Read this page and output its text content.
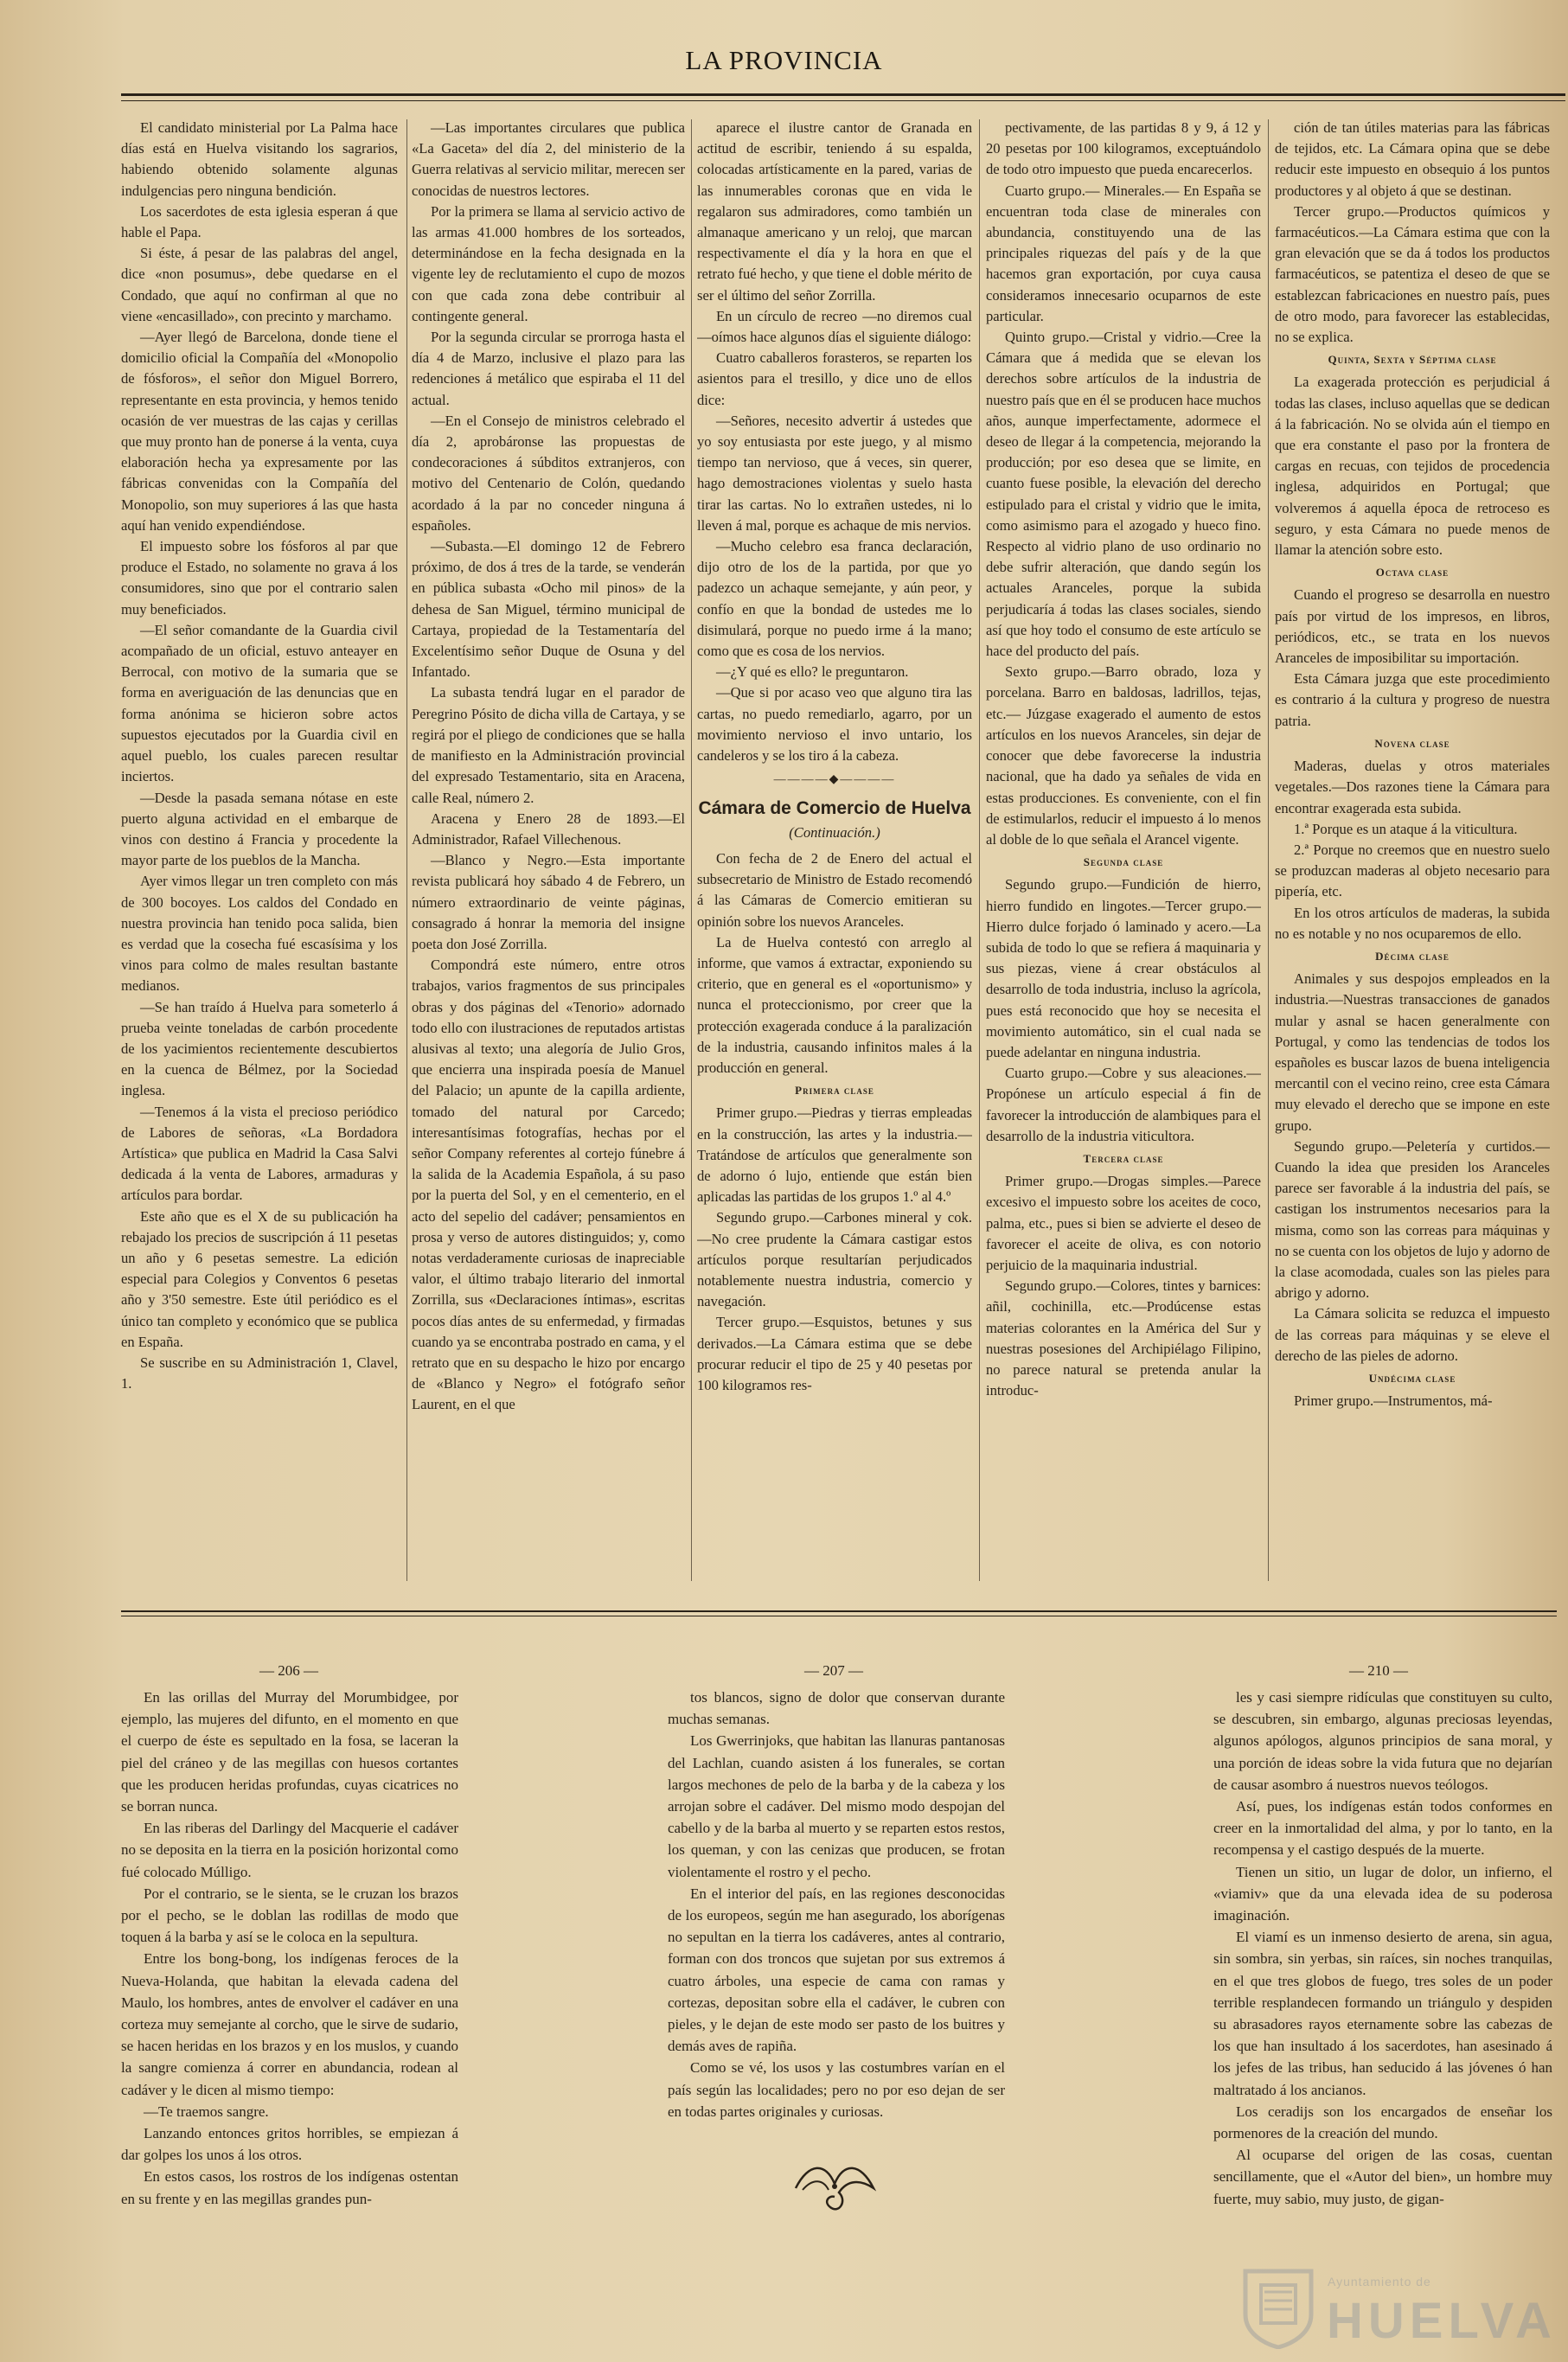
LA PROVINCIA

El candidato ministerial por La Palma hace días está en Huelva visitando los sagrarios, habiendo obtenido solamente algunas indulgencias pero ninguna bendición.

Los sacerdotes de esta iglesia esperan á que hable el Papa.

Si éste, á pesar de las palabras del angel, dice «non posumus», debe quedarse en el Condado, que aquí no confirman al que no viene «encasillado», con precinto y marchamo.

—Ayer llegó de Barcelona, donde tiene el domicilio oficial la Compañía del «Monopolio de fósforos», el señor don Miguel Borrero, representante en esta provincia, y hemos tenido ocasión de ver muestras de las cajas y cerillas que muy pronto han de ponerse á la venta, cuya elaboración hecha ya expresamente por las fábricas convenidas con la Compañía del Monopolio, son muy superiores á las que hasta aquí han venido expendiéndose.

El impuesto sobre los fósforos al par que produce el Estado, no solamente no grava á los consumidores, sino que por el contrario salen muy beneficiados.

—El señor comandante de la Guardia civil acompañado de un oficial, estuvo anteayer en Berrocal, con motivo de la sumaria que se forma en averiguación de las denuncias que en forma anónima se hicieron sobre actos supuestos ejecutados por la Guardia civil en aquel pueblo, los cuales parecen resultar inciertos.

—Desde la pasada semana nótase en este puerto alguna actividad en el embarque de vinos con destino á Francia y procedente la mayor parte de los pueblos de la Mancha.

Ayer vimos llegar un tren completo con más de 300 bocoyes. Los caldos del Condado en nuestra provincia han tenido poca salida, bien es verdad que la cosecha fué escasísima y los vinos para colmo de males resultan bastante medianos.

—Se han traído á Huelva para someterlo á prueba veinte toneladas de carbón procedente de los yacimientos recientemente descubiertos en la cuenca de Bélmez, por la Sociedad inglesa.

—Tenemos á la vista el precioso periódico de Labores de señoras, «La Bordadora Artística» que publica en Madrid la Casa Salvi dedicada á la venta de Labores, armaduras y artículos para bordar.

Este año que es el X de su publicación ha rebajado los precios de suscripción á 11 pesetas un año y 6 pesetas semestre. La edición especial para Colegios y Conventos 6 pesetas año y 3'50 semestre. Este útil periódico es el único tan completo y económico que se publica en España.

Se suscribe en su Administración 1, Clavel, 1.

—Las importantes circulares que publica «La Gaceta» del día 2, del ministerio de la Guerra relativas al servicio militar, merecen ser conocidas de nuestros lectores.

Por la primera se llama al servicio activo de las armas 41.000 hombres de los sorteados, determinándose en la fecha designada en la vigente ley de reclutamiento el cupo de mozos con que cada zona debe contribuir al contingente general.

Por la segunda circular se prorroga hasta el día 4 de Marzo, inclusive el plazo para las redenciones á metálico que espiraba el 11 del actual.

—En el Consejo de ministros celebrado el día 2, aprobáronse las propuestas de condecoraciones á súbditos extranjeros, con motivo del Centenario de Colón, quedando acordado á la par no conceder ninguna á españoles.

—Subasta.—El domingo 12 de Febrero próximo, de dos á tres de la tarde, se venderán en pública subasta «Ocho mil pinos» de la dehesa de San Miguel, término municipal de Cartaya, propiedad de la Testamentaría del Excelentísimo señor Duque de Osuna y del Infantado.

La subasta tendrá lugar en el parador de Peregrino Pósito de dicha villa de Cartaya, y se regirá por el pliego de condiciones que se halla de manifiesto en la Administración provincial del expresado Testamentario, sita en Aracena, calle Real, número 2.

Aracena y Enero 28 de 1893.—El Administrador, Rafael Villechenous.

—Blanco y Negro.—Esta importante revista publicará hoy sábado 4 de Febrero, un número extraordinario de veinte páginas, consagrado á honrar la memoria del insigne poeta don José Zorrilla.

Compondrá este número, entre otros trabajos, varios fragmentos de sus principales obras y dos páginas del «Tenorio» adornado todo ello con ilustraciones de reputados artistas alusivas al texto; una alegoría de Julio Gros, que encierra una inspirada poesía de Manuel del Palacio; un apunte de la capilla ardiente, tomado del natural por Carcedo; interesantísimas fotografías, hechas por el señor Company referentes al cortejo fúnebre á la salida de la Academia Española, á su paso por la puerta del Sol, y en el cementerio, en el acto del sepelio del cadáver; pensamientos en prosa y verso de autores distinguidos; y, como notas verdaderamente curiosas de inapreciable valor, el último trabajo literario del inmortal Zorrilla, sus «Declaraciones íntimas», escritas pocos días antes de su enfermedad, y firmadas cuando ya se encontraba postrado en cama, y el retrato que en su despacho le hizo por encargo de «Blanco y Negro» el fotógrafo señor Laurent, en el que

aparece el ilustre cantor de Granada en actitud de escribir, teniendo á su espalda, colocadas artísticamente en la pared, varias de las innumerables coronas que en vida le regalaron sus admiradores, como también un almanaque americano y un reloj, que marcan respectivamente el día y la hora en que el retrato fué hecho, y que tiene el doble mérito de ser el último del señor Zorrilla.

En un círculo de recreo —no diremos cual—oímos hace algunos días el siguiente diálogo:

Cuatro caballeros forasteros, se reparten los asientos para el tresillo, y dice uno de ellos dice:

—Señores, necesito advertir á ustedes que yo soy entusiasta por este juego, y al mismo tiempo tan nervioso, que á veces, sin querer, hago demostraciones violentas y suelo hasta tirar las cartas. No lo extrañen ustedes, ni lo lleven á mal, porque es achaque de mis nervios.

—Mucho celebro esa franca declaración, dijo otro de los de la partida, por que yo padezco un achaque semejante, y aún peor, y confío en que la bondad de ustedes me lo disimulará, porque no puedo irme á la mano; como que es cosa de los nervios.

—¿Y qué es ello? le preguntaron.

—Que si por acaso veo que alguno tira las cartas, no puedo remediarlo, agarro, por un movimiento nervioso el invo untario, los candeleros y se los tiro á la cabeza.

————◆————
Cámara de Comercio de Huelva
(Continuación.)

Con fecha de 2 de Enero del actual el subsecretario de Ministro de Estado recomendó á las Cámaras de Comercio emitieran su opinión sobre los nuevos Aranceles.

La de Huelva contestó con arreglo al informe, que vamos á extractar, exponiendo su criterio, que en general es el «oportunismo» y nunca el proteccionismo, por creer que la protección exagerada conduce á la paralización de la industria, causando infinitos males á la producción en general.

Primera clase

Primer grupo.—Piedras y tierras empleadas en la construcción, las artes y la industria.—Tratándose de artículos que generalmente son de adorno ó lujo, entiende que están bien aplicadas las partidas de los grupos 1.º al 4.º

Segundo grupo.—Carbones mineral y cok.—No cree prudente la Cámara castigar estos artículos porque resultarían perjudicados notablemente nuestra industria, comercio y navegación.

Tercer grupo.—Esquistos, betunes y sus derivados.—La Cámara estima que se debe procurar reducir el tipo de 25 y 40 pesetas por 100 kilogramos res-

pectivamente, de las partidas 8 y 9, á 12 y 20 pesetas por 100 kilogramos, exceptuándolo de todo otro impuesto que pueda encarecerlos.

Cuarto grupo.— Minerales.— En España se encuentran toda clase de minerales con abundancia, constituyendo una de las principales riquezas del país y de la que hacemos gran exportación, por cuya causa consideramos innecesario ocuparnos de este particular.

Quinto grupo.—Cristal y vidrio.—Cree la Cámara que á medida que se elevan los derechos sobre artículos de la industria de nuestro país que en él se producen hace muchos años, aunque imperfectamente, adormece el deseo de llegar á la competencia, mejorando la producción; por eso desea que se limite, en cuanto fuese posible, la elevación del derecho estipulado para el cristal y vidrio que le imita, como asimismo para el azogado y hueco fino. Respecto al vidrio plano de uso ordinario no debe sufrir alteración, que dando según los actuales Aranceles, porque la subida perjudicaría á todas las clases sociales, siendo así que hoy todo el consumo de este artículo se hace del producto del país.

Sexto grupo.—Barro obrado, loza y porcelana. Barro en baldosas, ladrillos, tejas, etc.— Júzgase exagerado el aumento de estos artículos en los nuevos Aranceles, sin dejar de conocer que debe favorecerse la industria nacional, que ha dado ya señales de vida en estas producciones. Es conveniente, con el fin de estimularlos, reducir el impuesto á lo menos al doble de lo que señala el Arancel vigente.

Segunda clase

Segundo grupo.—Fundición de hierro, hierro fundido en lingotes.—Tercer grupo.—Hierro dulce forjado ó laminado y acero.—La subida de todo lo que se refiera á maquinaria y sus piezas, viene á crear obstáculos al desarrollo de toda industria, incluso la agrícola, pues está reconocido que hoy se necesita el movimiento automático, sin el cual nada se puede adelantar en ninguna industria.

Cuarto grupo.—Cobre y sus aleaciones.—Propónese un artículo especial á fin de favorecer la introducción de alambiques para el desarrollo de la industria viticultora.

Tercera clase

Primer grupo.—Drogas simples.—Parece excesivo el impuesto sobre los aceites de coco, palma, etc., pues si bien se advierte el deseo de favorecer el aceite de oliva, es con notorio perjuicio de la maquinaria industrial.

Segundo grupo.—Colores, tintes y barnices: añil, cochinilla, etc.—Prodúcense estas materias colorantes en la América del Sur y nuestras posesiones del Archipiélago Filipino, no parece natural se pretenda anular la introduc-

ción de tan útiles materias para las fábricas de tejidos, etc. La Cámara opina que se debe reducir este impuesto en obsequio á los puntos productores y al objeto á que se destinan.

Tercer grupo.—Productos químicos y farmacéuticos.—La Cámara estima que con la gran elevación que se da á todos los productos farmacéuticos, se patentiza el deseo de que se establezcan fabricaciones en nuestro país, pues de otro modo, para favorecer las establecidas, no se explica.

Quinta, Sexta y Séptima clase

La exagerada protección es perjudicial á todas las clases, incluso aquellas que se dedican á la fabricación. No se olvida aún el tiempo en que era constante el paso por la frontera de cargas en recuas, con tejidos de procedencia inglesa, adquiridos en Portugal; que volveremos á aquella época de retroceso es seguro, y esta Cámara no puede menos de llamar la atención sobre esto.

Octava clase

Cuando el progreso se desarrolla en nuestro país por virtud de los impresos, en libros, periódicos, etc., se trata en los nuevos Aranceles de imposibilitar su importación.

Esta Cámara juzga que este procedimiento es contrario á la cultura y progreso de nuestra patria.

Novena clase

Maderas, duelas y otros materiales vegetales.—Dos razones tiene la Cámara para encontrar exagerada esta subida.

1.ª Porque es un ataque á la viticultura.

2.ª Porque no creemos que en nuestro suelo se produzcan maderas al objeto necesario para pipería, etc.

En los otros artículos de maderas, la subida no es notable y no nos ocuparemos de ello.

Décima clase

Animales y sus despojos empleados en la industria.—Nuestras transacciones de ganados mular y asnal se hacen generalmente con Portugal, y como las tendencias de todos los españoles es buscar lazos de buena inteligencia mercantil con el vecino reino, cree esta Cámara muy elevado el derecho que se impone en este grupo.

Segundo grupo.—Peletería y curtidos.—Cuando la idea que presiden los Aranceles parece ser favorable á la industria del país, se castigan los instrumentos necesarios para la misma, como son las correas para máquinas y no se cuenta con los objetos de lujo y adorno de la clase acomodada, cuales son las pieles para abrigo y adorno.

La Cámara solicita se reduzca el impuesto de las correas para máquinas y se eleve el derecho de las pieles de adorno.

Undécima clase

Primer grupo.—Instrumentos, má-

— 206 —

En las orillas del Murray del Morumbidgee, por ejemplo, las mujeres del difunto, en el momento en que el cuerpo de éste es sepultado en la fosa, se laceran la piel del cráneo y de las megillas con huesos cortantes que les producen heridas profundas, cuyas cicatrices no se borran nunca.

En las riberas del Darlingy del Macquerie el cadáver no se deposita en la tierra en la posición horizontal como fué colocado Múlligo.

Por el contrario, se le sienta, se le cruzan los brazos por el pecho, se le doblan las rodillas de modo que toquen á la barba y así se le coloca en la sepultura.

Entre los bong-bong, los indígenas feroces de la Nueva-Holanda, que habitan la elevada cadena del Maulo, los hombres, antes de envolver el cadáver en una corteza muy semejante al corcho, que le sirve de sudario, se hacen heridas en los brazos y en los muslos, y cuando la sangre comienza á correr en abundancia, rodean al cadáver y le dicen al mismo tiempo:

—Te traemos sangre.

Lanzando entonces gritos horribles, se empiezan á dar golpes los unos á los otros.

En estos casos, los rostros de los indígenas ostentan en su frente y en las megillas grandes pun-

— 207 —

tos blancos, signo de dolor que conservan durante muchas semanas.

Los Gwerrinjoks, que habitan las llanuras pantanosas del Lachlan, cuando asisten á los funerales, se cortan largos mechones de pelo de la barba y de la cabeza y los arrojan sobre el cadáver. Del mismo modo despojan del cabello y de la barba al muerto y se reparten estos restos, los queman, y con las cenizas que producen, se frotan violentamente el rostro y el pecho.

En el interior del país, en las regiones desconocidas de los europeos, según me han asegurado, los aborígenas no sepultan en la tierra los cadáveres, antes al contrario, forman con dos troncos que sujetan por sus extremos á cuatro árboles, una especie de cama con ramas y cortezas, depositan sobre ella el cadáver, le cubren con pieles, y le dejan de este modo ser pasto de los buitres y demás aves de rapiña.

Como se vé, los usos y las costumbres varían en el país según las localidades; pero no por eso dejan de ser en todas partes originales y curiosas.

— 210 —

les y casi siempre ridículas que constituyen su culto, se descubren, sin embargo, algunas preciosas leyendas, algunos apólogos, algunos principios de sana moral, y una porción de ideas sobre la vida futura que no dejarían de causar asombro á nuestros nuevos teólogos.

Así, pues, los indígenas están todos conformes en creer en la inmortalidad del alma, y por lo tanto, en la recompensa y el castigo después de la muerte.

Tienen un sitio, un lugar de dolor, un infierno, el «viamiv» que da una elevada idea de su poderosa imaginación.

El viamí es un inmenso desierto de arena, sin agua, sin sombra, sin yerbas, sin raíces, sin noches tranquilas, en el que tres globos de fuego, tres soles de un poder terrible resplandecen formando un triángulo y despiden su abrasadores rayos eternamente sobre las cabezas de los que han insultado á los sacerdotes, han asesinado á los jefes de las tribus, han seducido á las jóvenes ó han maltratado á los ancianos.

Los ceradijs son los encargados de enseñar los pormenores de la creación del mundo.

Al ocuparse del origen de las cosas, cuentan sencillamente, que el «Autor del bien», un hombre muy fuerte, muy sabio, muy justo, de gigan-

Ayuntamiento de
HUELVA
